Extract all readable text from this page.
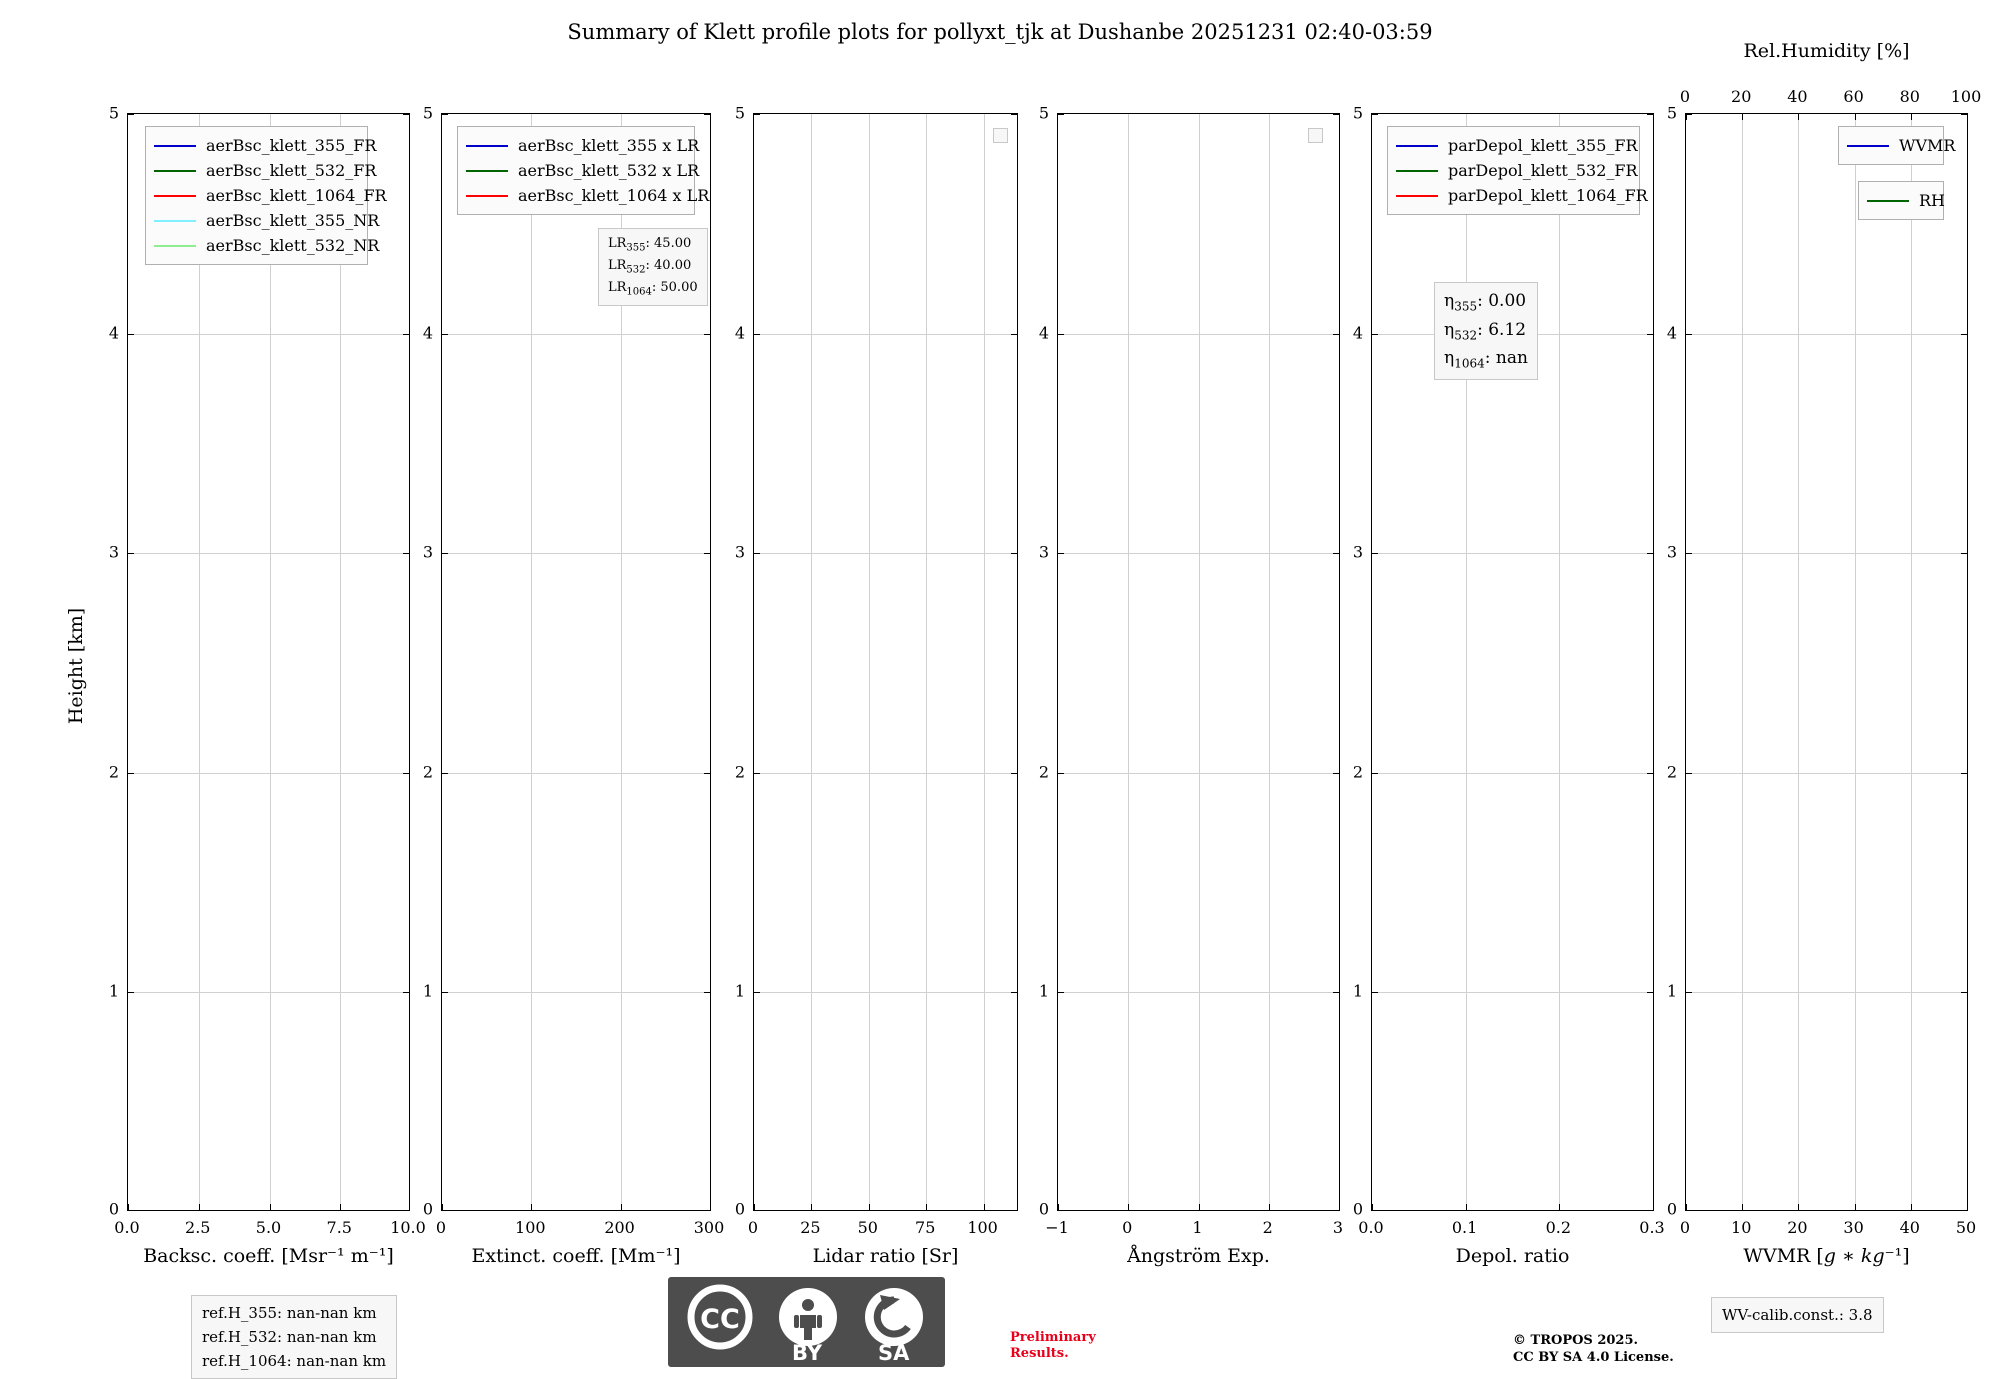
Summary of Klett profile plots for pollyxt_tjk at Dushanbe 20251231 02:40-03:59
Height [km]
5
4
3
2
1
0
0.0	2.5	5.0	7.5 10.0
Backsc. coeff. [Msr⁻¹ m⁻¹]
aerBsc_klett_355_FR
aerBsc_klett_532_FR
aerBsc_klett_1064_FR
aerBsc_klett_355_NR
aerBsc_klett_532_NR
5
4
3
2
1
0
0	100	200	300
Extinct. coeff. [Mm⁻¹]
aerBsc_klett_355 x LR
aerBsc_klett_532 x LR
aerBsc_klett_1064 x LR
$LR_{355}$: 45.00
$LR_{532}$: 40.00
$LR_{1064}$: 50.00
5
4
3
2
1
0
0	25 50 75 100
Lidar ratio [Sr]
5
4
3
2
1
0
−1	0	1	2	3
Ångström Exp.
5
4
3
2
1
0
0.0	0.1	0.2	0.3
Depol. ratio
parDepol_klett_355_FR
parDepol_klett_532_FR
parDepol_klett_1064_FR
$\eta_{355}$: 0.00
$\eta_{532}$: 6.12
$\eta_{1064}$: nan
5
4
3
2
1
0
0	10 20 30 40 50
WVMR [𝑔 ∗ 𝑘𝑔⁻¹]
0	20 40 60 80 100
Rel.Humidity [%]
WVMR
RH
ref.H_355: nan-nan km
ref.H_532: nan-nan km
ref.H_1064: nan-nan km
WV-calib.const.: 3.8
Preliminary
Results.
© TROPOS 2025.
CC BY SA 4.0 License.
CC
BY	SA
